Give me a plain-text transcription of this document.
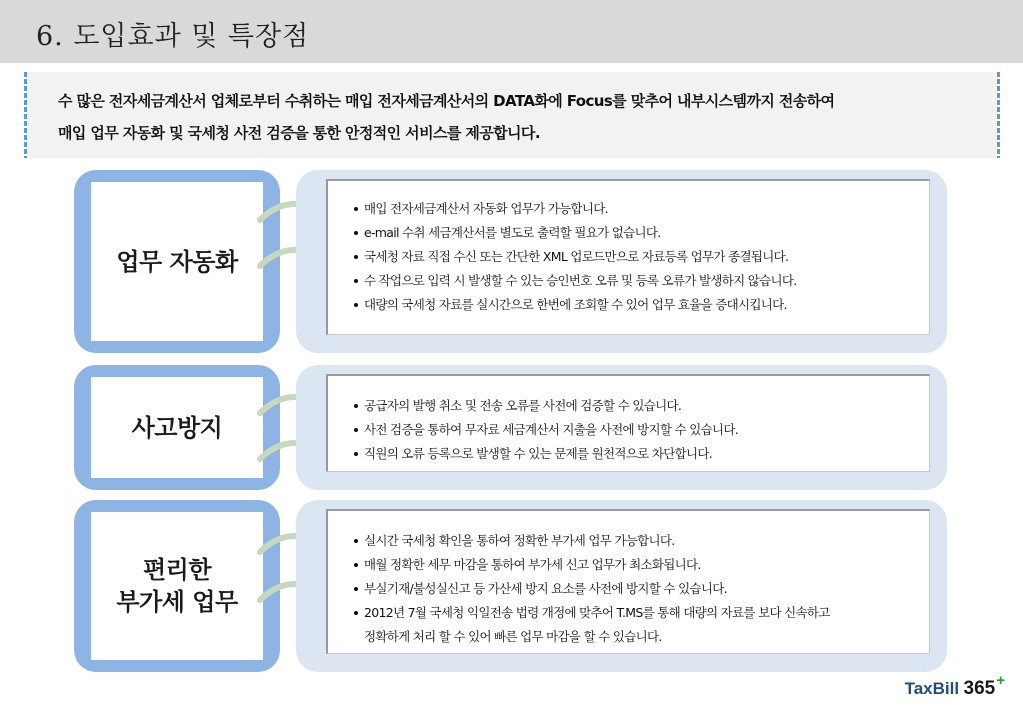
6. 도입효과 및 특장점
수 많은 전자세금계산서 업체로부터 수취하는 매입 전자세금계산서의 DATA화에 Focus를 맞추어 내부시스템까지 전송하여
매입 업무 자동화 및 국세청 사전 검증을 통한 안정적인 서비스를 제공합니다.
업무 자동화
매입 전자세금계산서 자동화 업무가 가능합니다.
e-mail 수취 세금계산서를 별도로 출력할 필요가 없습니다.
국세청 자료 직접 수신 또는 간단한 XML 업로드만으로 자료등록 업무가 종결됩니다.
수 작업으로 입력 시 발생할 수 있는 승인번호 오류 및 등록 오류가 발생하지 않습니다.
대량의 국세청 자료를 실시간으로 한번에 조회할 수 있어 업무 효율을 증대시킵니다.
사고방지
공급자의 발행 취소 및 전송 오류를 사전에 검증할 수 있습니다.
사전 검증을 통하여 무자료 세금계산서 지출을 사전에 방지할 수 있습니다.
직원의 오류 등록으로 발생할 수 있는 문제를 원천적으로 차단합니다.
편리한
부가세 업무
실시간 국세청 확인을 통하여 정확한 부가세 업무 가능합니다.
매월 정확한 세무 마감을 통하여 부가세 신고 업무가 최소화됩니다.
부실기재/불성실신고 등 가산세 방지 요소를 사전에 방지할 수 있습니다.
2012년 7월 국세청 익일전송 법령 개정에 맞추어 T.MS를 통해 대량의 자료를 보다 신속하고
정확하게 처리 할 수 있어 빠른 업무 마감을 할 수 있습니다.
TaxBill 365+
